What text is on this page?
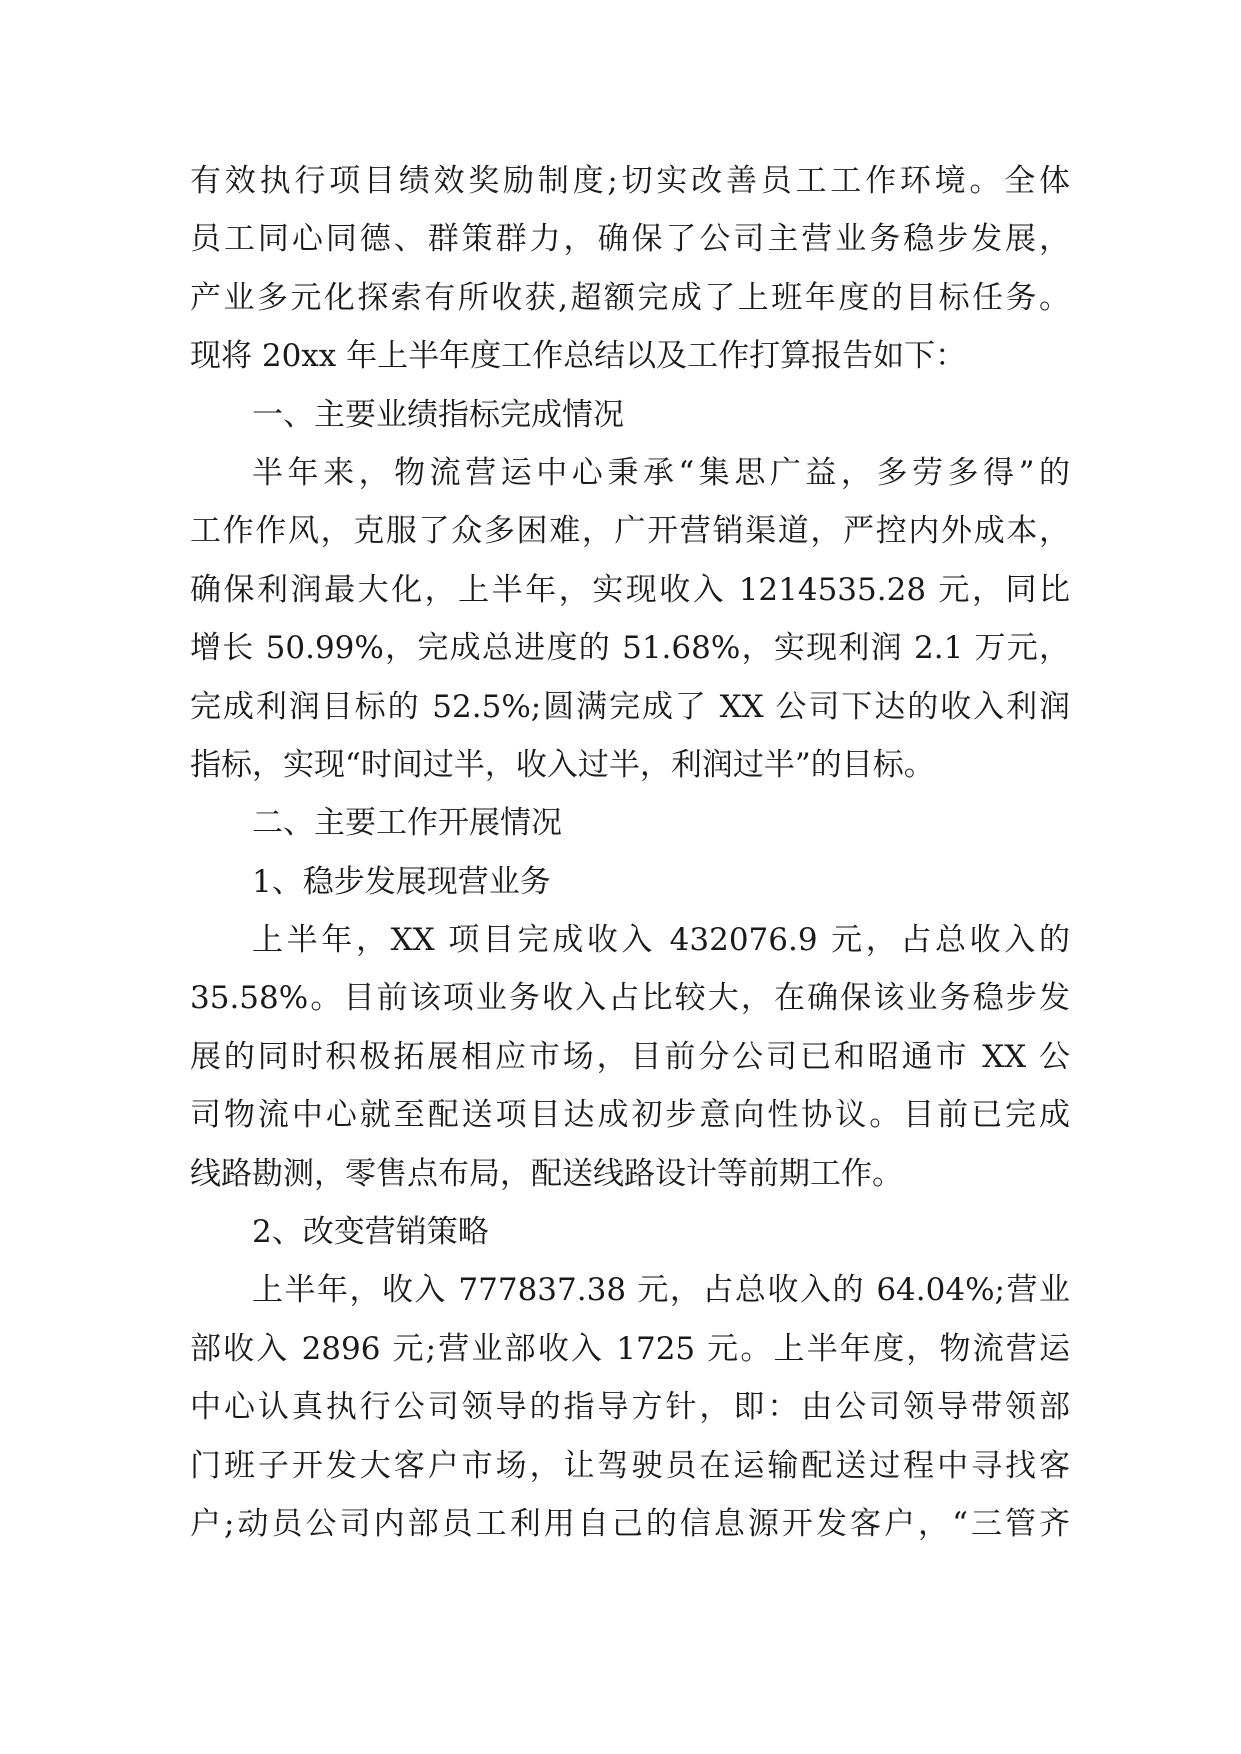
有效执行项目绩效奖励制度;切实改善员工工作环境。全体
员工同心同德、群策群力，确保了公司主营业务稳步发展，
产业多元化探索有所收获,超额完成了上班年度的目标任务。
现将 20xx 年上半年度工作总结以及工作打算报告如下：
一、主要业绩指标完成情况
半年来，物流营运中心秉承“集思广益，多劳多得”的
工作作风，克服了众多困难，广开营销渠道，严控内外成本，
确保利润最大化，上半年，实现收入 1214535.28 元，同比
增长 50.99%，完成总进度的 51.68%，实现利润 2.1 万元，
完成利润目标的 52.5%;圆满完成了 XX 公司下达的收入利润
指标，实现“时间过半，收入过半，利润过半”的目标。
二、主要工作开展情况
1、稳步发展现营业务
上半年，XX 项目完成收入 432076.9 元，占总收入的
35.58%。目前该项业务收入占比较大，在确保该业务稳步发
展的同时积极拓展相应市场，目前分公司已和昭通市 XX 公
司物流中心就至配送项目达成初步意向性协议。目前已完成
线路勘测，零售点布局，配送线路设计等前期工作。
2、改变营销策略
上半年，收入 777837.38 元，占总收入的 64.04%;营业
部收入 2896 元;营业部收入 1725 元。上半年度，物流营运
中心认真执行公司领导的指导方针，即：由公司领导带领部
门班子开发大客户市场，让驾驶员在运输配送过程中寻找客
户;动员公司内部员工利用自己的信息源开发客户，“三管齐
